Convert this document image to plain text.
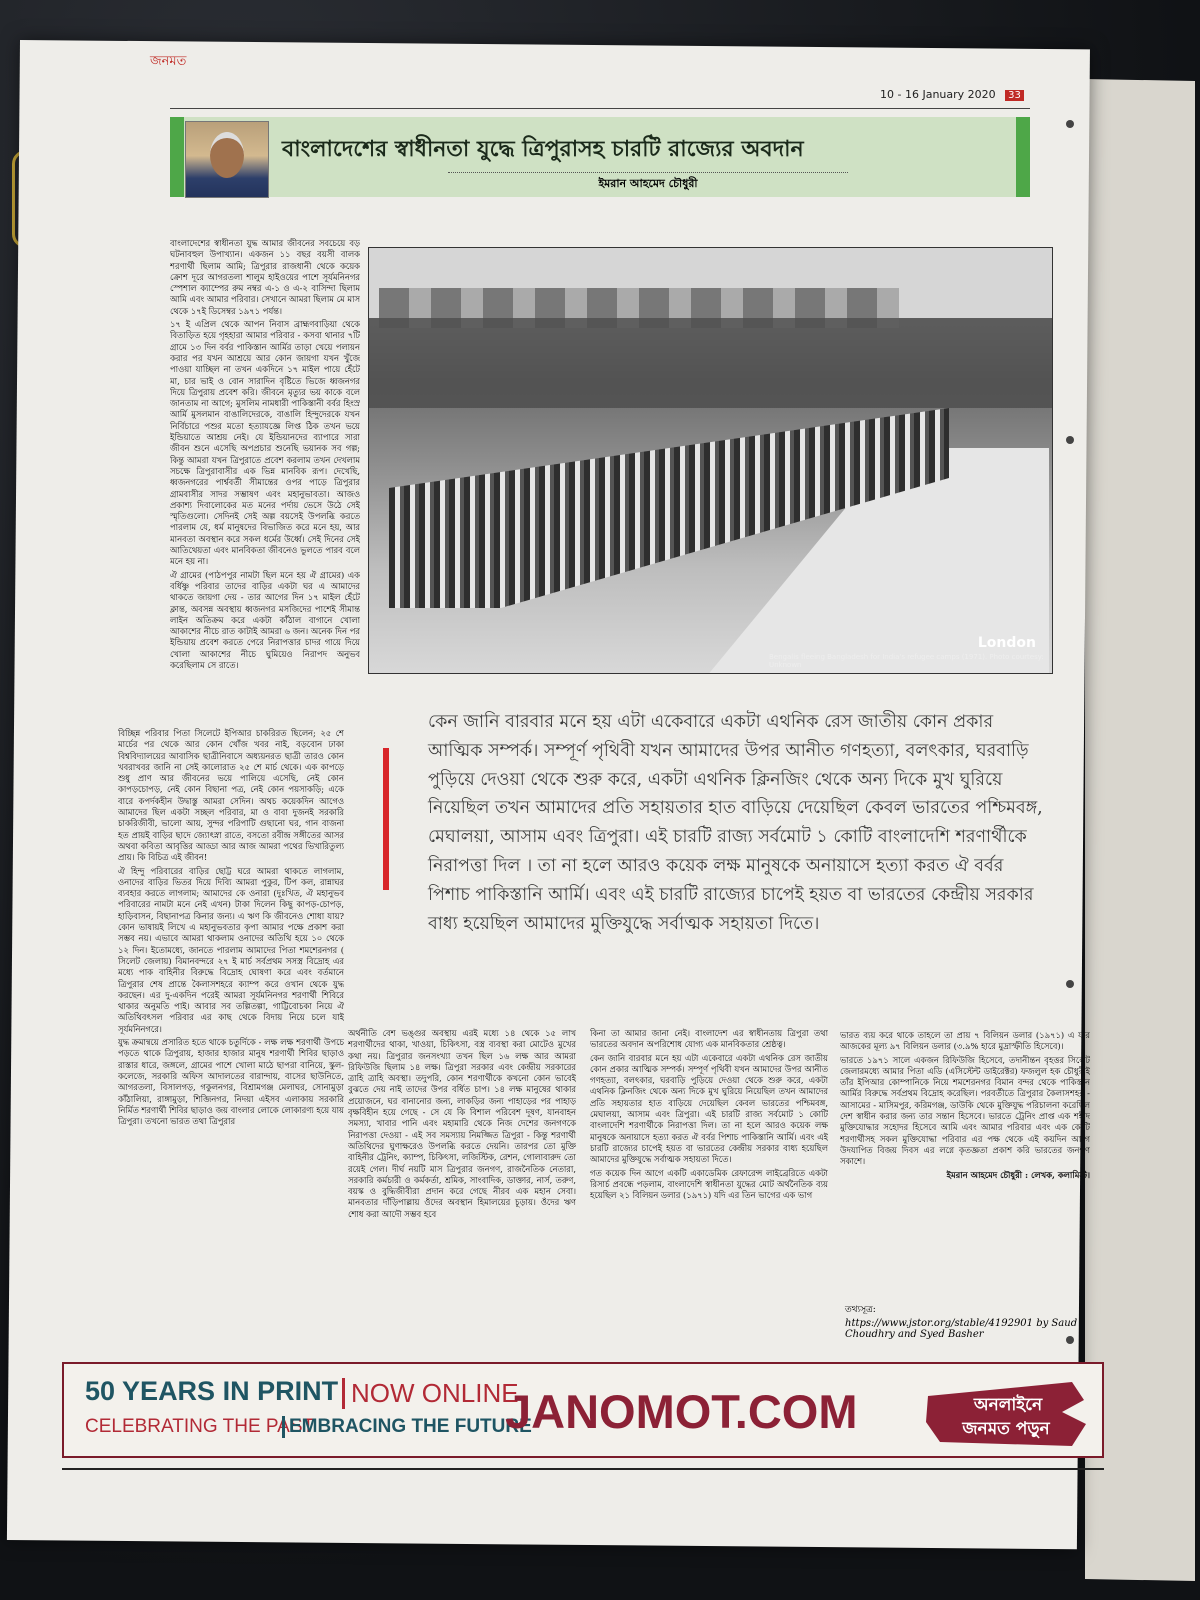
জনমত
10 - 16 January 2020 33
বাংলাদেশের স্বাধীনতা যুদ্ধে ত্রিপুরাসহ চারটি রাজ্যের অবদান
ইমরান আহমেদ চৌধুরী

বাংলাদেশের স্বাধীনতা যুদ্ধ আমার জীবনের সবচেয়ে বড় ঘটনাবহুল উপাখ্যান। একজন ১১ বছর বয়সী বালক শরণার্থী ছিলাম আমি; ত্রিপুরার রাজধানী থেকে কয়েক ক্রোশ দূরে আগরতলা শালুম হাইওয়ের পাশে সূর্যমনিনগর স্পেশাল ক্যাম্পের রুম নম্বর এ-১ ও এ-২ বাসিন্দা ছিলাম আমি এবং আমার পরিবার। সেখানে আমরা ছিলাম মে মাস থেকে ১৭ই ডিসেম্বর ১৯৭১ পর্যন্ত।

১৭ ই এপ্রিল থেকে আপন নিবাস ব্রাহ্মণবাড়িয়া থেকে বিতাড়িত হয়ে গৃহহারা আমার পরিবার - কসবা থানার ৭টি গ্রামে ১৩ দিন বর্বর পাকিস্তান আর্মির তাড়া খেয়ে পলায়ন করার পর যখন আশ্রয়ে আর কোন জায়গা যখন খুঁজে পাওয়া যাচ্ছিল না তখন একদিনে ১৭ মাইল পায়ে হেঁটে মা, চার ভাই ও বোন সারাদিন বৃষ্টিতে ভিজে ধ্বজনগর দিয়ে ত্রিপুরায় প্রবেশ করি। জীবনে মৃত্যুর ভয় কাকে বলে জানতাম না আগে; মুসলিম নামধারী পাকিস্তানী বর্বর হিংস্র আর্মি মুসলমান বাঙালিদেরকে, বাঙালি হিন্দুদেরকে যখন নির্বিচারে পশুর মতো হত্যাযজ্ঞে লিপ্ত ঠিক তখন ভয়ে ইন্ডিয়াতে আশ্রয় নেই। যে ইন্ডিয়ানদের ব্যাপারে সারা জীবন শুনে এসেছি অপপ্রচার শুনেছি ভয়ানক সব গল্প; কিন্তু আমরা যখন ত্রিপুরাতে প্রবেশ করলাম তখন দেখলাম সচক্ষে ত্রিপুরাবাসীর এক ভিন্ন মানবিক রূপ। দেখেছি, ধ্বজনগরের পার্শ্ববর্তী সীমান্তের ওপর পাড়ে ত্রিপুরার গ্রামবাসীর সাদর সম্ভাষণ এবং মহানুভাবতা। আজও প্রকাশ্য দিবালোকের মত মনের পর্দায় ভেসে উঠে সেই স্মৃতিগুলো। সেদিনই সেই অল্প বয়সেই উপলব্ধি করতে পারলাম যে, ধর্ম মানুষদের বিভাজিত করে মনে হয়, আর মানবতা অবস্থান করে সকল ধর্মের উর্ধ্বে। সেই দিনের সেই আতিথেয়তা এবং মানবিকতা জীবনেও ভুলতে পারব বলে মনে হয় না।

ঐ গ্রামের (পাঠপপুর নামটা ছিল মনে হয় ঐ গ্রামের) এক বর্ধিষ্ণু পরিবার তাদের বাড়ির একটা ঘর এ আমাদের থাকতে জায়গা দেয় - তার আগের দিন ১৭ মাইল হেঁটে ক্লান্ত, অবসন্ন অবস্থায় ধ্বজনগর মসজিদের পাশেই সীমান্ত লাইন অতিক্রম করে একটা কাঁঠাল বাগানে খোলা আকাশের নীচে রাত কাটাই আমরা ৬ জন। অনেক দিন পর ইন্ডিয়ায় প্রবেশ করতে পেরে নিরাপত্তার চাদর গায়ে দিয়ে খোলা আকাশের নীচে ঘুমিয়েও নিরাপদ অনুভব করেছিলাম সে রাতে।

London
Bengalis fleeing Bangladesh for India's refugee camps (1971). Photo courtesy: Unknown

বিচ্ছিন্ন পরিবার পিতা সিলেটে ইপিআর চাকরিরত ছিলেন; ২৫ শে মার্চের পর থেকে আর কোন খোঁজ খবর নাই, বড়বোন ঢাকা বিশ্ববিদ্যালয়ের আবাসিক ছাত্রীনিবাসে অধ্যয়নরত ছাত্রী তারও কোন খবরাখবর জানি না সেই কালোরাত ২৫ শে মার্চ থেকে। এক কাপড়ে শুধু প্রাণ আর জীবনের ভয়ে পালিয়ে এসেছি, নেই কোন কাপড়চোপড়, নেই কোন বিছানা পত্র, নেই কোন পয়সাকড়ি; একে বারে কপর্দকহীন উদ্বাস্তু আমরা সেদিন। অথচ কয়েকদিন আগেও আমাদের ছিল একটা সচ্ছল পরিবার, মা ও বাবা দুজনই সরকারি চাকরিজীবী, ভালো আয়, সুন্দর পরিপাটি গুছানো ঘর, গান বাজনা হত প্রায়ই বাড়ির ছাদে জ্যোৎস্না রাতে, বসতো রবীন্দ্র সঙ্গীতের আসর অথবা কবিতা আবৃত্তির আড্ডা আর আজ আমরা পথের ভিখারিতুল্য প্রায়। কি বিচিত্র এই জীবন!

ঐ হিন্দু পরিবারের বাড়ির ছোট্ট ঘরে আমরা থাকতে লাগলাম, ওনাদের বাড়ির ভিতর দিয়ে দিব্যি আমরা পুকুর, টিপ কল, রান্নাঘর ব্যবহার করতে লাগলাম; আমাদের কে ওনারা (দুঃখিত, ঐ মহানুভব পরিবারের নামটা মনে নেই এখন) টাকা দিলেন কিছু কাপড়-চোপড়, হাড়িবাসন, বিছানাপত্র কিনার জন্য। এ ঋণ কি জীবনেও শোধা যায়? কোন ভাষায়ই লিখে এ মহানুভবতার কৃপা আমার পক্ষে প্রকাশ করা সম্ভব নয়। এভাবে আমরা থাকলাম ওনাদের অতিথি হয়ে ১০ থেকে ১২ দিন। ইতোমধ্যে, জানতে পারলাম আমাদের পিতা শমশেরনগর ( সিলেট জেলায়) বিমানবন্দরে ২৭ ই মার্চ সর্বপ্রথম সসস্ত্র বিদ্রোহ এর মধ্যে পাক বাহিনীর বিরুদ্ধে বিদ্রোহ ঘোষণা করে এবং বর্তমানে ত্রিপুরার শেষ প্রান্তে কৈলাসশহরে ক্যাম্প করে ওখান থেকে যুদ্ধ করছেন। এর দু-একদিন পরেই আমরা সূর্যমনিনগর শরণার্থী শিবিরে থাকার অনুমতি পাই। আবার সব তল্পিতল্পা, গাট্টিবোচকা নিয়ে ঐ অতিথিবৎসল পরিবার এর কাছ থেকে বিদায় নিয়ে চলে যাই সূর্যমনিনগরে।

যুদ্ধ ক্রমান্বয়ে প্রসারিত হতে থাকে চতুর্দিকে - লক্ষ লক্ষ শরণার্থী উপচে পড়তে থাকে ত্রিপুরায়, হাজার হাজার মানুষ শরণার্থী শিবির ছাড়াও রাস্তার ধারে, জঙ্গলে, গ্রামের পাশে খোলা মাঠে ছাপরা বানিয়ে, স্কুল-কলেজে, সরকারি অফিস আদালতের বারান্দায়, বাসের ছাউনিতে, আগরতলা, বিসালগড়, গকুলনগর, বিশ্রামগঞ্জ মেলাঘর, সোনামুড়া কাঁঠালিয়া, রাঙ্গামুড়া, শিব্জিনগর, নিদয়া এইসব এলাকায় সরকারি নির্মিত শরণার্থী শিবির ছাড়াও জয় বাংলার লোকে লোকারণ্য হয়ে যায় ত্রিপুরা। তখনো ভারত তথা ত্রিপুরার

কেন জানি বারবার মনে হয় এটা একেবারে একটা এথনিক রেস জাতীয় কোন প্রকার আত্মিক সম্পর্ক। সম্পূর্ণ পৃথিবী যখন আমাদের উপর আনীত গণহত্যা, বলৎকার, ঘরবাড়ি পুড়িয়ে দেওয়া থেকে শুরু করে, একটা এথনিক ক্লিনজিং থেকে অন্য দিকে মুখ ঘুরিয়ে নিয়েছিল তখন আমাদের প্রতি সহায়তার হাত বাড়িয়ে দেয়েছিল কেবল ভারতের পশ্চিমবঙ্গ, মেঘালয়া, আসাম এবং ত্রিপুরা। এই চারটি রাজ্য সর্বমোট ১ কোটি বাংলাদেশি শরণার্থীকে নিরাপত্তা দিল । তা না হলে আরও কয়েক লক্ষ মানুষকে অনায়াসে হত্যা করত ঐ বর্বর পিশাচ পাকিস্তানি আর্মি। এবং এই চারটি রাজ্যের চাপেই হয়ত বা ভারতের কেন্দ্রীয় সরকার বাধ্য হয়েছিল আমাদের মুক্তিযুদ্ধে সর্বাত্মক সহায়তা দিতে।

অর্থনীতি বেশ ভঙ্গুর অবস্থায় এরই মধ্যে ১৪ থেকে ১৫ লাখ শরণার্থীদের থাকা, খাওয়া, চিকিৎসা, বস্ত্র ব্যবস্থা করা মোটেও মুখের কথা নয়। ত্রিপুরার জনসংখ্যা তখন ছিল ১৬ লক্ষ আর আমরা রিফিউজি ছিলাম ১৪ লক্ষ। ত্রিপুরা সরকার এবং কেন্দ্রীয় সরকারের ত্রাহি ত্রাহি অবস্থা। তদুপরি, কোন শরণার্থীকে কখনো কোন ভাবেই বুঝতে দেয় নাই তাদের উপর বর্ধিত চাপ। ১৪ লক্ষ মানুষের থাকার প্রয়োজনে, ঘর বানানোর জন্য, লাকড়ির জন্য পাহাড়ের পর পাহাড় বৃক্ষবিহীন হয়ে গেছে - সে যে কি বিশাল পরিবেশ দূষণ, যানবাহন সমস্যা, খাবার পানি এবং মহামারি থেকে নিজ দেশের জনগণকে নিরাপত্তা দেওয়া - এই সব সমস্যায় নিমজ্জিত ত্রিপুরা - কিন্তু শরণার্থী অতিথিদের ঘুণাক্ষরেও উপলব্ধি করতে দেয়নি। তারপর তো মুক্তি বাহিনীর ট্রেনিং, ক্যাম্প, চিকিৎসা, লজিস্টিক, রেশন, গোলাবারুদ তো রয়েই গেল। দীর্ঘ নয়টি মাস ত্রিপুরার জনগণ, রাজনৈতিক নেতারা, সরকারি কর্মচারী ও কর্মকর্তা, শ্রমিক, সাংবাদিক, ডাক্তার, নার্স, তরুণ, বয়স্ক ও বুদ্ধিজীবীরা প্রদান করে গেছে নীরব এক মহান সেবা। মানবতার দাঁড়িপাল্লায় ওঁদের অবস্থান হিমালয়ের চূড়ায়। ওঁদের ঋণ শোধ করা আদৌ সম্ভব হবে

কিনা তা আমার জানা নেই। বাংলাদেশ এর স্বাধীনতায় ত্রিপুরা তথা ভারতের অবদান অপরিশোধ যোগ্য এক মানবিকতার শ্রেষ্ঠত্ব।

কেন জানি বারবার মনে হয় এটা একেবারে একটা এথনিক রেস জাতীয় কোন প্রকার আত্মিক সম্পর্ক। সম্পূর্ণ পৃথিবী যখন আমাদের উপর আনীত গণহত্যা, বলৎকার, ঘরবাড়ি পুড়িয়ে দেওয়া থেকে শুরু করে, একটা এথনিক ক্লিনজিং থেকে অন্য দিকে মুখ ঘুরিয়ে নিয়েছিল তখন আমাদের প্রতি সহায়তার হাত বাড়িয়ে দেয়েছিল কেবল ভারতের পশ্চিমবঙ্গ, মেঘালয়া, আসাম এবং ত্রিপুরা। এই চারটি রাজ্য সর্বমোট ১ কোটি বাংলাদেশি শরণার্থীকে নিরাপত্তা দিল। তা না হলে আরও কয়েক লক্ষ মানুষকে অনায়াসে হত্যা করত ঐ বর্বর পিশাচ পাকিস্তানি আর্মি। এবং এই চারটি রাজ্যের চাপেই হয়ত বা ভারতের কেন্দ্রীয় সরকার বাধ্য হয়েছিল আমাদের মুক্তিযুদ্ধে সর্বাত্মক সহায়তা দিতে।

গত কয়েক দিন আগে একটি একাডেমিক রেফারেন্স লাইব্রেরিতে একটা রিসার্চ প্রবন্ধে পড়লাম, বাংলাদেশি স্বাধীনতা যুদ্ধের মোট অর্থনৈতিক ব্যয় হয়েছিল ২১ বিলিয়ন ডলার (১৯৭১) যদি এর তিন ভাগের এক ভাগ

ভারত ব্যয় করে থাকে তাহলে তা প্রায় ৭ বিলিয়ন ডলার (১৯৭১) এ যার আজকের মূল্য ৯৭ বিলিয়ন ডলার (৩.৯% হারে মুদ্রাস্ফীতি হিসেবে)।

ভারতে ১৯৭১ সালে একজন রিফিউজি হিসেবে, তদানীন্তন বৃহত্তর সিলেট জেলারমধ্যে আমার পিতা এডি (এসিস্টেন্ট ডাইরেক্টর) ফজলুল হক চৌধুরীই তাঁর ইপিআর কোম্পানিকে নিয়ে শমশেরনগর বিমান বন্দর থেকে পাকিস্তান আর্মির বিরুদ্ধে সর্বপ্রথম বিদ্রোহ করেছিল। পরবর্তীতে ত্রিপুরার কৈলাসশহর - আসামের - মাসিমপুর, করিমগঞ্জ, ডাউকি থেকে মুক্তিযুদ্ধ পরিচালনা করেছিল দেশ স্বাধীন করার জন্য তার সন্তান হিসেবে। ভারতে ট্রেনিং প্রাপ্ত এক শহীদ মুক্তিযোদ্ধার সহোদর হিসেবে আমি এবং আমার পরিবার এবং এক কোটি শরণার্থীসহ সকল মুক্তিযোদ্ধা পরিবার এর পক্ষ থেকে এই কয়দিন আগে উদযাপিত বিজয় দিবস এর লগ্নে কৃতজ্ঞতা প্রকাশ করি ভারতের জনগণ সকাশে।

ইমরান আহমেদ চৌধুরী : লেখক, কলামিস্ট।

তথ্যসূত্র:
https://www.jstor.org/stable/4192901 by Saud Choudhry and Syed Basher
50 YEARS IN PRINT NOW ONLINE
CELEBRATING THE PAST
EMBRACING THE FUTURE
JANOMOT.COM	অনলাইনে
জনমত পড়ুন
